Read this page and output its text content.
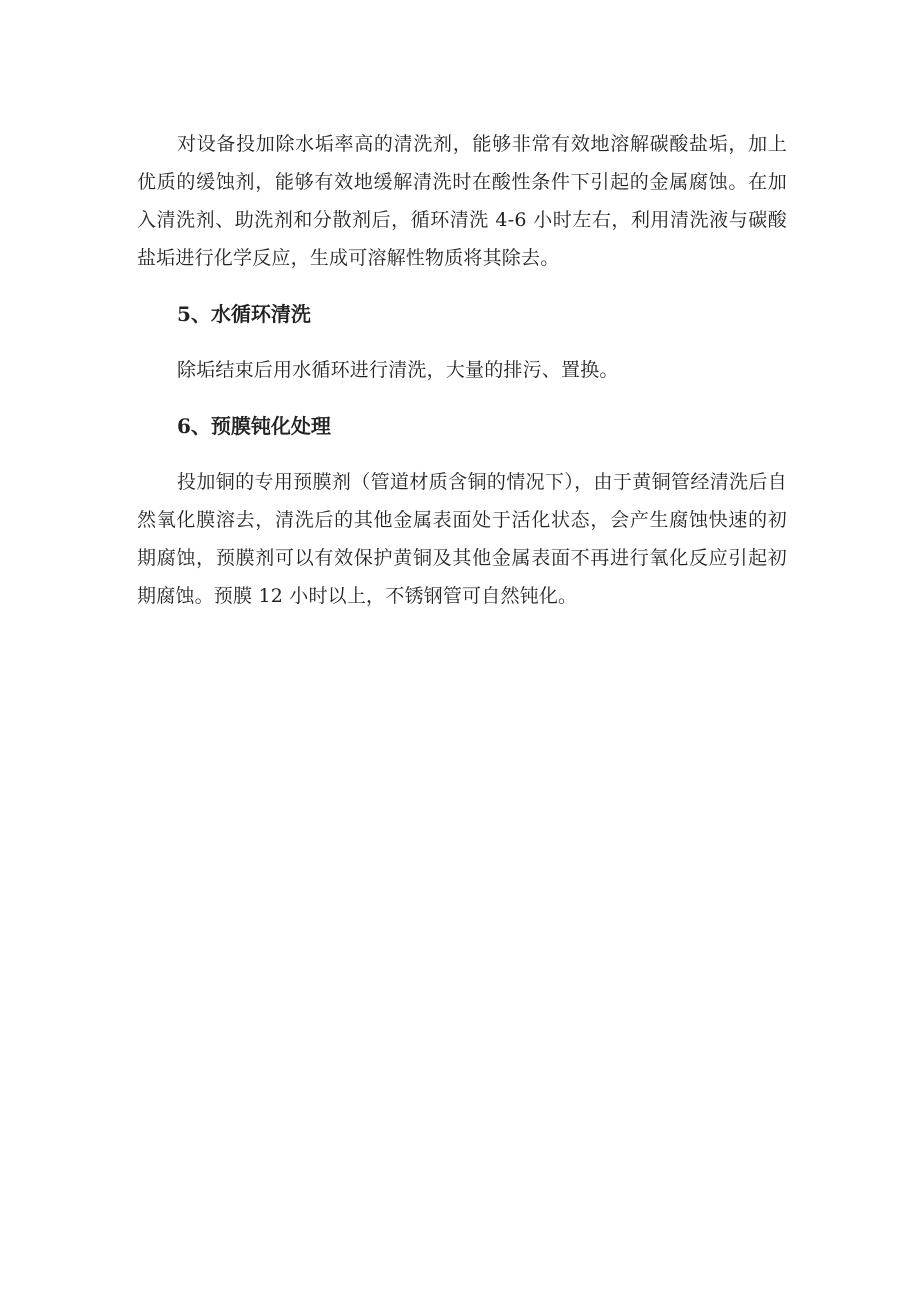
对设备投加除水垢率高的清洗剂，能够非常有效地溶解碳酸盐垢，加上优质的缓蚀剂，能够有效地缓解清洗时在酸性条件下引起的金属腐蚀。在加入清洗剂、助洗剂和分散剂后，循环清洗 4-6 小时左右，利用清洗液与碳酸盐垢进行化学反应，生成可溶解性物质将其除去。

5、水循环清洗

除垢结束后用水循环进行清洗，大量的排污、置换。

6、预膜钝化处理

投加铜的专用预膜剂（管道材质含铜的情况下），由于黄铜管经清洗后自然氧化膜溶去，清洗后的其他金属表面处于活化状态，会产生腐蚀快速的初期腐蚀，预膜剂可以有效保护黄铜及其他金属表面不再进行氧化反应引起初期腐蚀。预膜 12 小时以上，不锈钢管可自然钝化。
